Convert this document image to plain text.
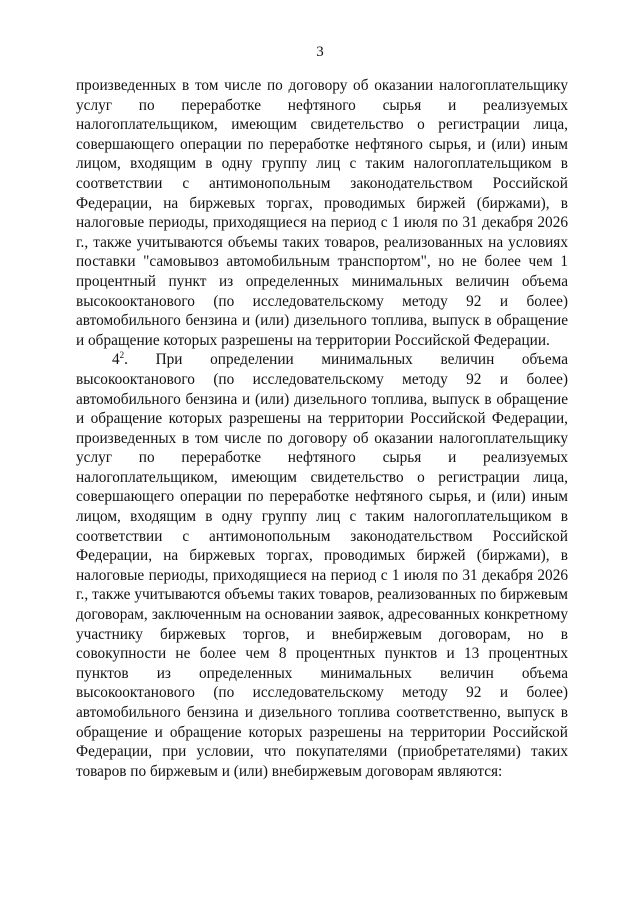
3

произведенных в том числе по договору об оказании налогоплательщику услуг по переработке нефтяного сырья и реализуемых налогоплательщиком, имеющим свидетельство о регистрации лица, совершающего операции по переработке нефтяного сырья, и (или) иным лицом, входящим в одну группу лиц с таким налогоплательщиком в соответствии с антимонопольным законодательством Российской Федерации, на биржевых торгах, проводимых биржей (биржами), в налоговые периоды, приходящиеся на период с 1 июля по 31 декабря 2026 г., также учитываются объемы таких товаров, реализованных на условиях поставки "самовывоз автомобильным транспортом", но не более чем 1 процентный пункт из определенных минимальных величин объема высокооктанового (по исследовательскому методу 92 и более) автомобильного бензина и (или) дизельного топлива, выпуск в обращение и обращение которых разрешены на территории Российской Федерации.

$4^2$. При определении минимальных величин объема высокооктанового (по исследовательскому методу 92 и более) автомобильного бензина и (или) дизельного топлива, выпуск в обращение и обращение которых разрешены на территории Российской Федерации, произведенных в том числе по договору об оказании налогоплательщику услуг по переработке нефтяного сырья и реализуемых налогоплательщиком, имеющим свидетельство о регистрации лица, совершающего операции по переработке нефтяного сырья, и (или) иным лицом, входящим в одну группу лиц с таким налогоплательщиком в соответствии с антимонопольным законодательством Российской Федерации, на биржевых торгах, проводимых биржей (биржами), в налоговые периоды, приходящиеся на период с 1 июля по 31 декабря 2026 г., также учитываются объемы таких товаров, реализованных по биржевым договорам, заключенным на основании заявок, адресованных конкретному участнику биржевых торгов, и внебиржевым договорам, но в совокупности не более чем 8 процентных пунктов и 13 процентных пунктов из определенных минимальных величин объема высокооктанового (по исследовательскому методу 92 и более) автомобильного бензина и дизельного топлива соответственно, выпуск в обращение и обращение которых разрешены на территории Российской Федерации, при условии, что покупателями (приобретателями) таких товаров по биржевым и (или) внебиржевым договорам являются:
